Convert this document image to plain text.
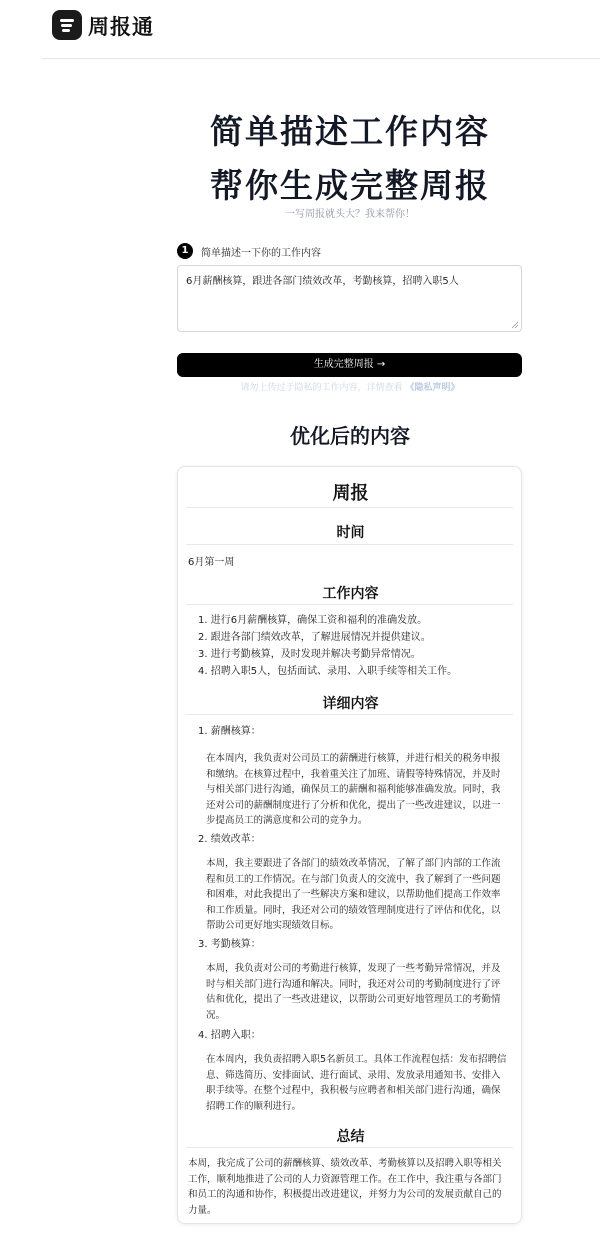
周报通
简单描述工作内容
帮你生成完整周报
一写周报就头大？我来帮你！
1	简单描述一下你的工作内容
6月薪酬核算，跟进各部门绩效改革，考勤核算，招聘入职5人
生成完整周报 →
请勿上传过于隐私的工作内容，详情查看 《隐私声明》
优化后的内容
周报
时间
6月第一周
工作内容
1. 进行6月薪酬核算，确保工资和福利的准确发放。
2. 跟进各部门绩效改革，了解进展情况并提供建议。
3. 进行考勤核算，及时发现并解决考勤异常情况。
4. 招聘入职5人，包括面试、录用、入职手续等相关工作。
详细内容
1. 薪酬核算：
在本周内，我负责对公司员工的薪酬进行核算，并进行相关的税务申报
和缴纳。在核算过程中，我着重关注了加班、请假等特殊情况，并及时
与相关部门进行沟通，确保员工的薪酬和福利能够准确发放。同时，我
还对公司的薪酬制度进行了分析和优化，提出了一些改进建议，以进一
步提高员工的满意度和公司的竞争力。
2. 绩效改革：
本周，我主要跟进了各部门的绩效改革情况，了解了部门内部的工作流
程和员工的工作情况。在与部门负责人的交流中，我了解到了一些问题
和困难，对此我提出了一些解决方案和建议，以帮助他们提高工作效率
和工作质量。同时，我还对公司的绩效管理制度进行了评估和优化，以
帮助公司更好地实现绩效目标。
3. 考勤核算：
本周，我负责对公司的考勤进行核算，发现了一些考勤异常情况，并及
时与相关部门进行沟通和解决。同时，我还对公司的考勤制度进行了评
估和优化，提出了一些改进建议，以帮助公司更好地管理员工的考勤情
况。
4. 招聘入职：
在本周内，我负责招聘入职5名新员工。具体工作流程包括：发布招聘信
息、筛选简历、安排面试、进行面试、录用、发放录用通知书、安排入
职手续等。在整个过程中，我积极与应聘者和相关部门进行沟通，确保
招聘工作的顺利进行。
总结
本周，我完成了公司的薪酬核算、绩效改革、考勤核算以及招聘入职等相关
工作，顺利地推进了公司的人力资源管理工作。在工作中，我注重与各部门
和员工的沟通和协作，积极提出改进建议，并努力为公司的发展贡献自己的
力量。
